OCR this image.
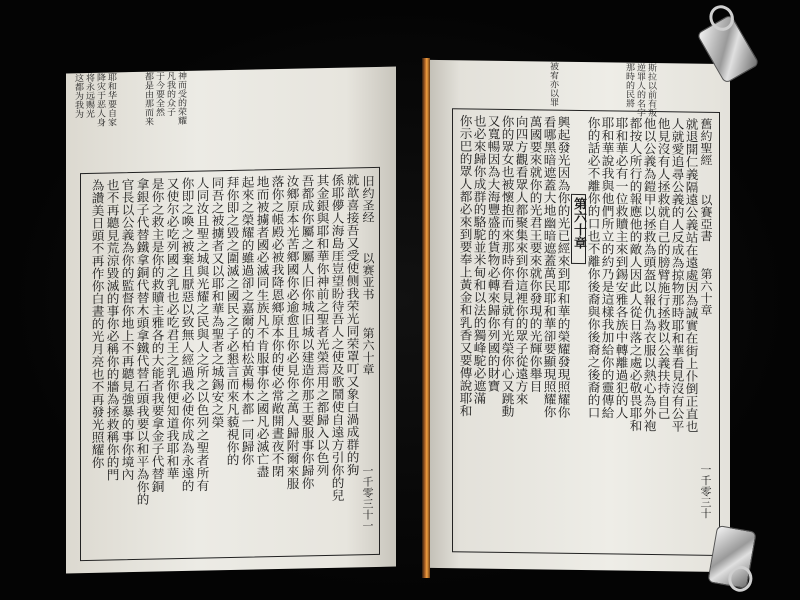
耶和华要自家
降灾于恶人身
将永远赐光
这都为我为	神而受的荣耀
凡我的众子
于今要全然
都是由那而来
旧约圣经
以赛亚书
第六十章
一千零三十一
就歆喜接吾又受使侧我荣光同荣罩叮又象白渦成群的狗
係耶儚人海島厓豈望盼待吾人之使及歌鬧使自遠方引你的兒
其金銀與耶和華你神前之聖者光榮焉用之都歸入以色列
吾都成你屬之屬人旧你城旧城以建造你那王要服事你歸你
汝鄉原本光苦鄉國你必逾愈且你必見你之萬人歸附爾來服
落你之帳殿必被我降恩鄉原本你的使必常敞開晝夜不閉
地而被擄者國必滅同生族凡不肯服事你之國凡必滅亡盡
起來之榮耀的雖過卻之嘉爾的柏松黃楊木都一同歸你
拜你即之毀之圍滅之國民之子必懇言而來凡藐視你的
同吾之被擄者又以耶和華為聖者之城錫安之榮
人同汝且聖之城與光耀之民與人之所之以色列之聖者所有
你即之喚之被棄且厭惡以致無人經過我必使你成為永遠的
又使尔必吃列國之乳也必吃君王之乳你便知道我耶和華
是你之救主是你的救贖主雅各的大能者我要拿金子代替銅
拿銀子代替鐵拿銅代替木頭拿鐵代替石頭我要以和平為你的
官長以公義為你的監督你地上不再聽見強暴的事你境內
也不再聽見荒涼毀滅的事你必稱你的牆為拯救稱你的門
為讚美日頭不再作你白晝的光月亮也不再發光照耀你
斯拉以前有叛
逆罪人的名字
那時的民將
被宥亦以罪
舊約聖經
以賽亞書
第六十章
一千零三十
就退開仁義隔遠公義站在遠處因為誠實在街上仆倒正直也
人就愛追尋公義的人反成為掠物那時耶和華看見沒有公平
他見沒有人拯救就自己的膀臂施行拯救以公義扶持自己
他以公義為鎧甲以拯救為頭盔以報仇為衣服以熱心為外袍
都按人所行的報應他的敵人因此人從日落之處必敬畏耶和
耶和華必有一位救贖主來到錫安雅各族中轉離過犯的人
耶和華說我與他們所立的約乃是這樣我加給你的靈傳給
你的話必不離你的口也不離你後裔與你後裔之後裔的口
第六十章
興起發光因為你的光已經來到耶和華的榮耀發現照耀你
看哪黑暗遮蓋大地幽暗遮蓋萬民耶和華卻要顯現照耀你
萬國要來就你的光君王要來就你發現的光輝你舉目
向四方觀看眾人都聚集來到你這裡你的眾子從遠方來
你的眾女也被懷抱而來那時你看見就有光榮你心又跳動
又寬暢因為大海豐盛的貨物必轉來歸你列國的財寶
也必來歸你成群的駱駝並米甸和以法的獨峰駝必遮滿
你示巴的眾人都必來到要奉上黃金和乳香又要傳說耶和
